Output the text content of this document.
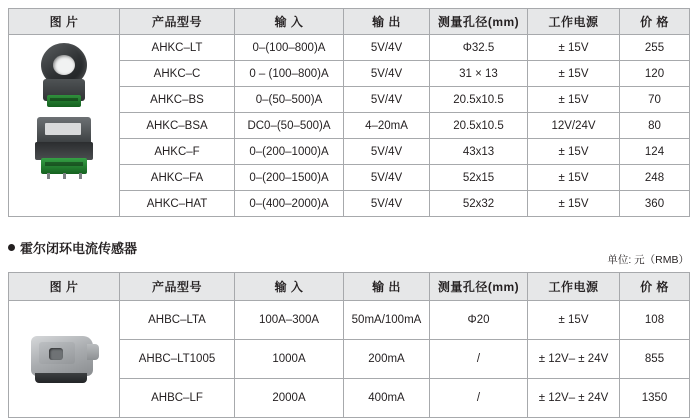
图 片	产品型号	输 入	输 出	测量孔径(mm)	工作电源	价 格

	AHKC–LT	0–(100–800)A	5V/4V	Φ32.5	± 15V	255
	AHKC–C	0 – (100–800)A	5V/4V	31 × 13	± 15V	120
	AHKC–BS	0–(50–500)A	5V/4V	20.5x10.5	± 15V	70
	AHKC–BSA	DC0–(50–500)A	4–20mA	20.5x10.5	12V/24V	80
	AHKC–F	0–(200–1000)A	5V/4V	43x13	± 15V	124
	AHKC–FA	0–(200–1500)A	5V/4V	52x15	± 15V	248
	AHKC–HAT	0–(400–2000)A	5V/4V	52x32	± 15V	360
霍尔闭环电流传感器
单位: 元（RMB）
图 片	产品型号	输 入	输 出	测量孔径(mm)	工作电源	价 格

	AHBC–LTA	100A–300A	50mA/100mA	Φ20	± 15V	108
	AHBC–LT1005	1000A	200mA	/	± 12V– ± 24V	855
	AHBC–LF	2000A	400mA	/	± 12V– ± 24V	1350
